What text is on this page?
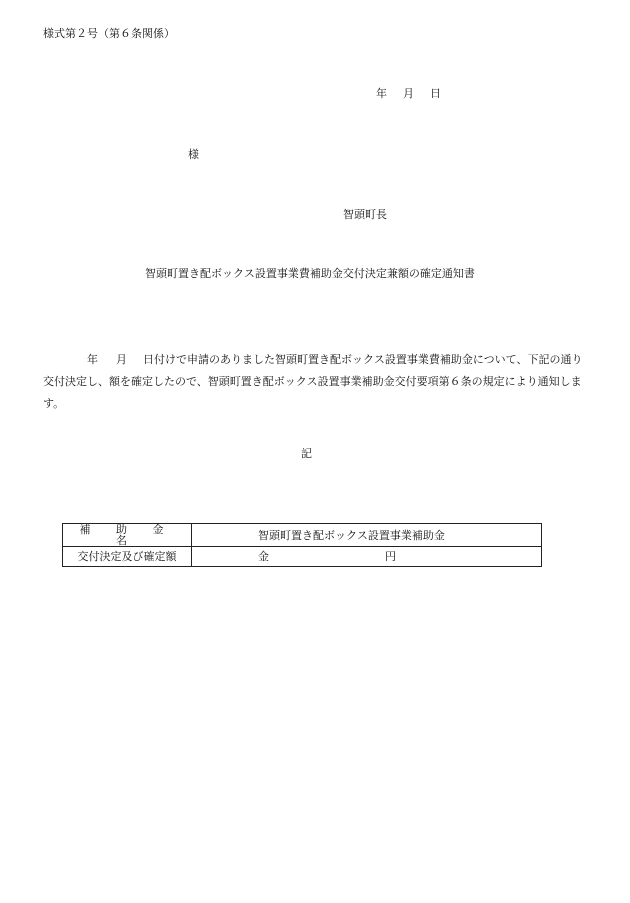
様式第２号（第６条関係）
年 月 日
様
智頭町長
智頭町置き配ボックス設置事業費補助金交付決定兼額の確定通知書
年 月 日付けで申請のありました智頭町置き配ボックス設置事業費補助金について、下記の通り交付決定し、額を確定したので、智頭町置き配ボックス設置事業補助金交付要項第６条の規定により通知します。
記
補 助 金 名	智頭町置き配ボックス設置事業補助金
交付決定及び確定額	金 円
